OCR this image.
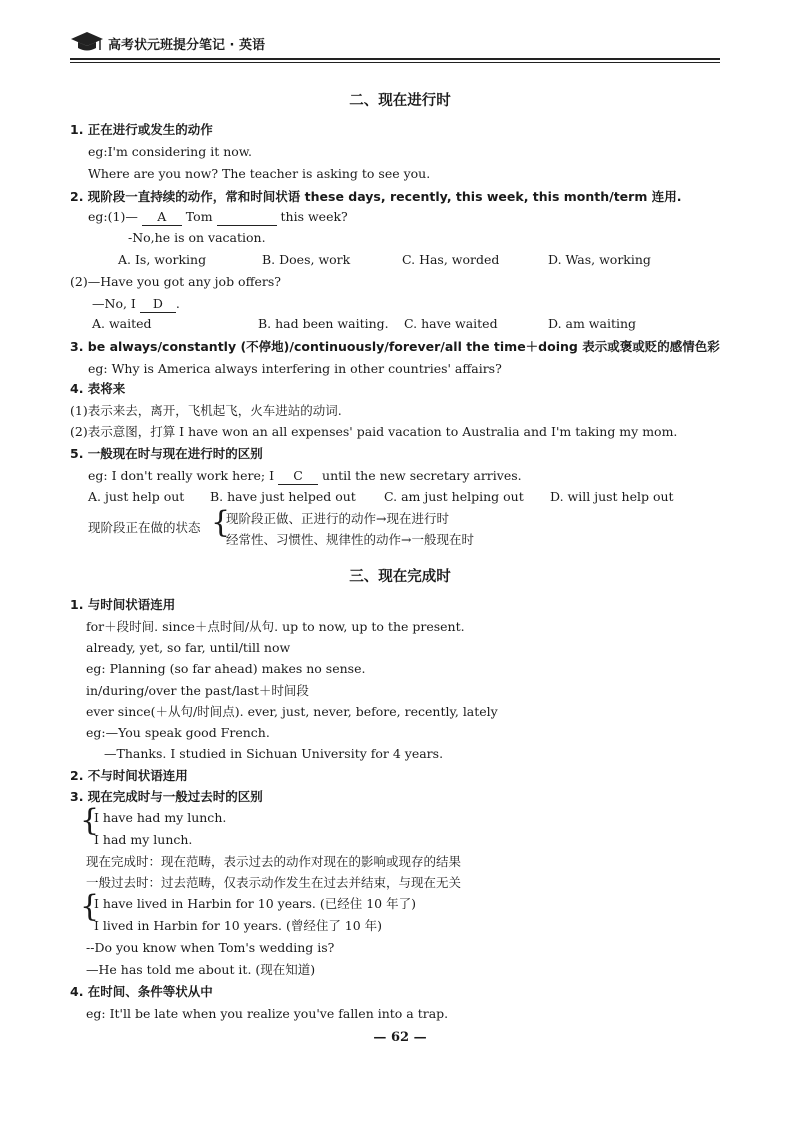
高考状元班提分笔记 · 英语
二、现在进行时
1. 正在进行或发生的动作
eg:I'm considering it now.
Where are you now? The teacher is asking to see you.
2. 现阶段一直持续的动作，常和时间状语 these days, recently, this week, this month/term 连用.
eg:(1)— A Tom	this week?
-No,he is on vacation.
A. Is, working	B. Does, work	C. Has, worded	D. Was, working
(2)—Have you got any job offers?
—No, I D .
A. waited	B. had been waiting. C. have waited	D. am waiting
3. be always/constantly (不停地)/continuously/forever/all the time＋doing 表示或褒或贬的感情色彩
eg: Why is America always interfering in other countries' affairs?
4. 表将来
(1)表示来去，离开，飞机起飞，火车进站的动词.
(2)表示意图，打算 I have won an all expenses' paid vacation to Australia and I'm taking my mom.
5. 一般现在时与现在进行时的区别
eg: I don't really work here; I C until the new secretary arrives.
A. just help out B. have just helped out C. am just helping out D. will just help out
现阶段正在做的状态 {
现阶段正做、正进行的动作→现在进行时
经常性、习惯性、规律性的动作→一般现在时
三、现在完成时
1. 与时间状语连用
for＋段时间. since＋点时间/从句. up to now, up to the present.
already, yet, so far, until/till now
eg: Planning (so far ahead) makes no sense.
in/during/over the past/last＋时间段
ever since(＋从句/时间点). ever, just, never, before, recently, lately
eg:—You speak good French.
—Thanks. I studied in Sichuan University for 4 years.
2. 不与时间状语连用
3. 现在完成时与一般过去时的区别
{
I have had my lunch.
I had my lunch.
现在完成时：现在范畴，表示过去的动作对现在的影响或现存的结果
一般过去时：过去范畴，仅表示动作发生在过去并结束，与现在无关
{
I have lived in Harbin for 10 years. (已经住 10 年了)
I lived in Harbin for 10 years. (曾经住了 10 年)
--Do you know when Tom's wedding is?
—He has told me about it. (现在知道)
4. 在时间、条件等状从中
eg: It'll be late when you realize you've fallen into a trap.
— 62 —
